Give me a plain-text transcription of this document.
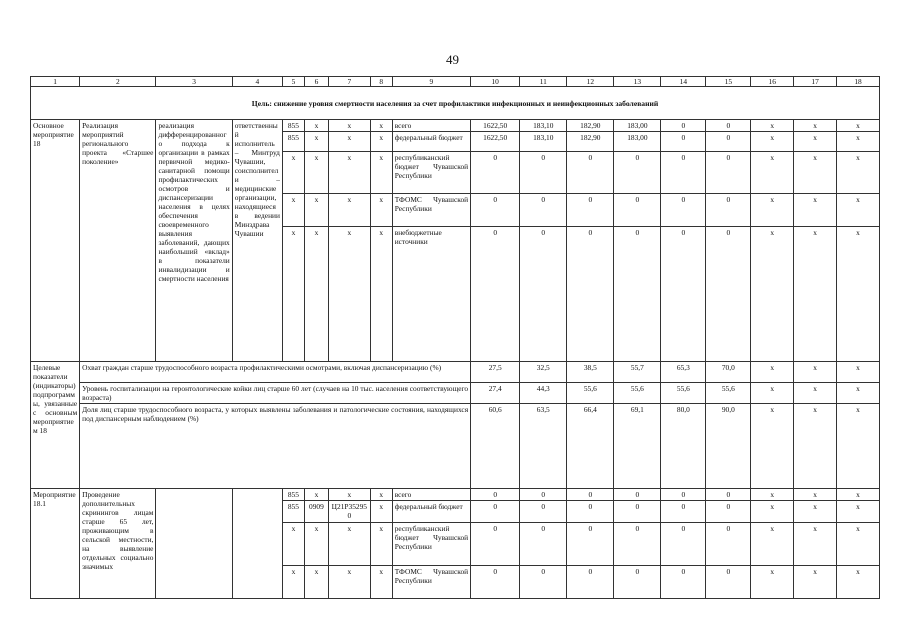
49
1	2	3	4	5	6	7	8	9	10	11	12	13	14	15	16	17	18
Цель: снижение уровня смертности населения за счет профилактики инфекционных и неинфекционных заболеваний																	
Основное мероприятие 18	Реализация мероприятий регионального проекта «Старшее поколение»	реализация дифференцированного подхода к организации в рамках первичной медико-санитарной помощи профилактических осмотров и диспансеризации населения в целях обеспечения своевременного выявления заболеваний, дающих наибольший «вклад» в показатели инвалидизации и смертности населения	ответственный исполнитель – Минтруд Чувашии, соисполнители – медицинские организации, находящиеся в ведении Минздрава Чувашии	855	x	x	x	всего	1622,50	183,10	182,90	183,00	0	0	x	x	x
				855	x	x	x	федеральный бюджет	1622,50	183,10	182,90	183,00	0	0	x	x	x
				x	x	x	x	республиканский бюджет Чувашской Республики	0	0	0	0	0	0	x	x	x
				x	x	x	x	ТФОМС Чувашской Республики	0	0	0	0	0	0	x	x	x
				x	x	x	x	внебюджетные источники	0	0	0	0	0	0	x	x	x
Целевые показатели (индикаторы) подпрограммы, увязанные с основным мероприятием 18	Охват граждан старше трудоспособного возраста профилактическими осмотрами, включая диспансеризацию (%)								27,5	32,5	38,5	55,7	65,3	70,0	x	x	x
	Уровень госпитализации на геронтологические койки лиц старше 60 лет (случаев на 10 тыс. населения соответствующего возраста)								27,4	44,3	55,6	55,6	55,6	55,6	x	x	x
	Доля лиц старше трудоспособного возраста, у которых выявлены заболевания и патологические состояния, находящихся под диспансерным наблюдением (%)								60,6	63,5	66,4	69,1	80,0	90,0	x	x	x
Мероприятие 18.1	Проведение дополнительных скринингов лицам старше 65 лет, проживающим в сельской местности, на выявление отдельных социально значимых			855	x	x	x	всего	0	0	0	0	0	0	x	x	x
				855	0909	Ц21Р352950	x	федеральный бюджет	0	0	0	0	0	0	x	x	x
				x	x	x	x	республиканский бюджет Чувашской Республики	0	0	0	0	0	0	x	x	x
				x	x	x	x	ТФОМС Чувашской Республики	0	0	0	0	0	0	x	x	x
